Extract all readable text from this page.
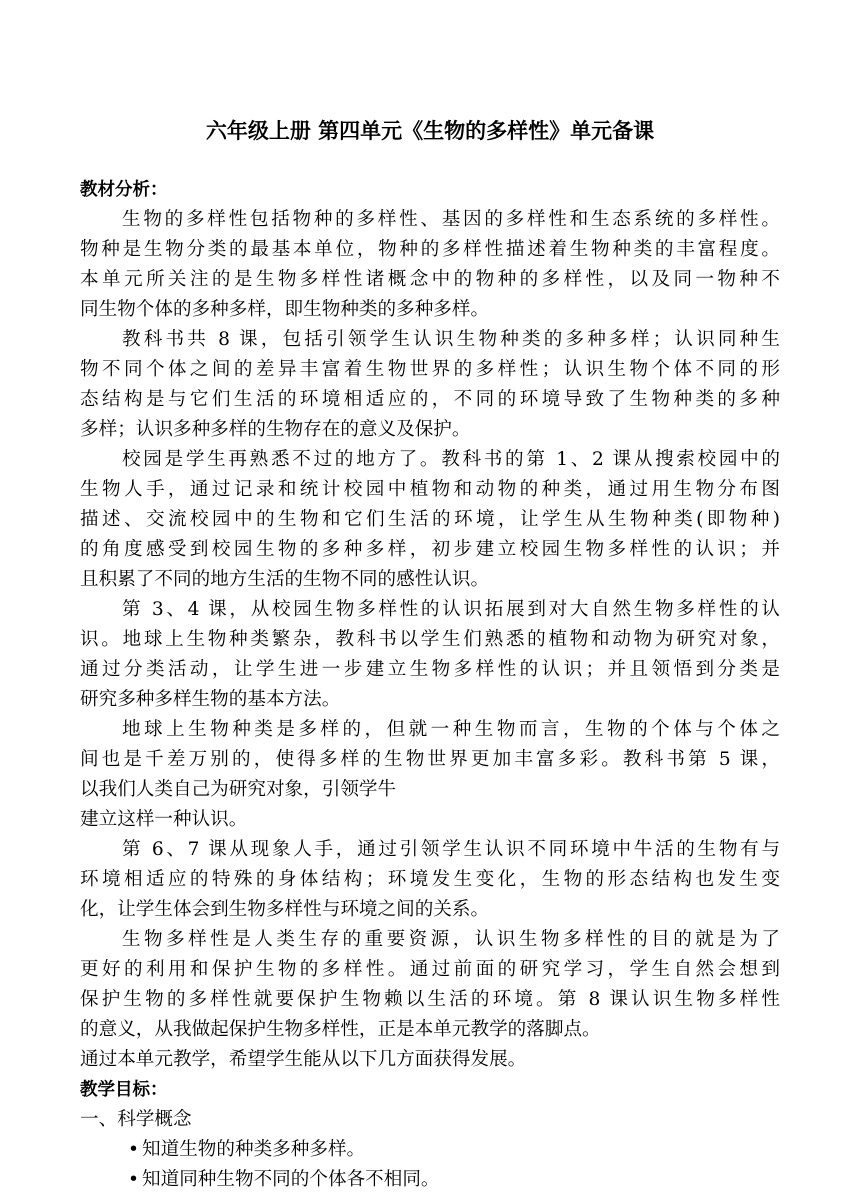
六年级上册 第四单元《生物的多样性》单元备课
教材分析：
生物的多样性包括物种的多样性、基因的多样性和生态系统的多样性。
物种是生物分类的最基本单位，物种的多样性描述着生物种类的丰富程度。
本单元所关注的是生物多样性诸概念中的物种的多样性，以及同一物种不
同生物个体的多种多样，即生物种类的多种多样。
教科书共 8 课，包括引领学生认识生物种类的多种多样；认识同种生
物不同个体之间的差异丰富着生物世界的多样性；认识生物个体不同的形
态结构是与它们生活的环境相适应的，不同的环境导致了生物种类的多种
多样；认识多种多样的生物存在的意义及保护。
校园是学生再熟悉不过的地方了。教科书的第 1、2 课从搜索校园中的
生物人手，通过记录和统计校园中植物和动物的种类，通过用生物分布图
描述、交流校园中的生物和它们生活的环境，让学生从生物种类(即物种)
的角度感受到校园生物的多种多样，初步建立校园生物多样性的认识；并
且积累了不同的地方生活的生物不同的感性认识。
第 3、4 课，从校园生物多样性的认识拓展到对大自然生物多样性的认
识。地球上生物种类繁杂，教科书以学生们熟悉的植物和动物为研究对象，
通过分类活动，让学生进一步建立生物多样性的认识；并且领悟到分类是
研究多种多样生物的基本方法。
地球上生物种类是多样的，但就一种生物而言，生物的个体与个体之
间也是千差万别的，使得多样的生物世界更加丰富多彩。教科书第 5 课，
以我们人类自己为研究对象，引领学牛
建立这样一种认识。
第 6、7 课从现象人手，通过引领学生认识不同环境中牛活的生物有与
环境相适应的特殊的身体结构；环境发生变化，生物的形态结构也发生变
化，让学生体会到生物多样性与环境之间的关系。
生物多样性是人类生存的重要资源，认识生物多样性的目的就是为了
更好的利用和保护生物的多样性。通过前面的研究学习，学生自然会想到
保护生物的多样性就要保护生物赖以生活的环境。第 8 课认识生物多样性
的意义，从我做起保护生物多样性，正是本单元教学的落脚点。
通过本单元教学，希望学生能从以下几方面获得发展。
教学目标：
一、科学概念
• 知道生物的种类多种多样。
• 知道同种生物不同的个体各不相同。
